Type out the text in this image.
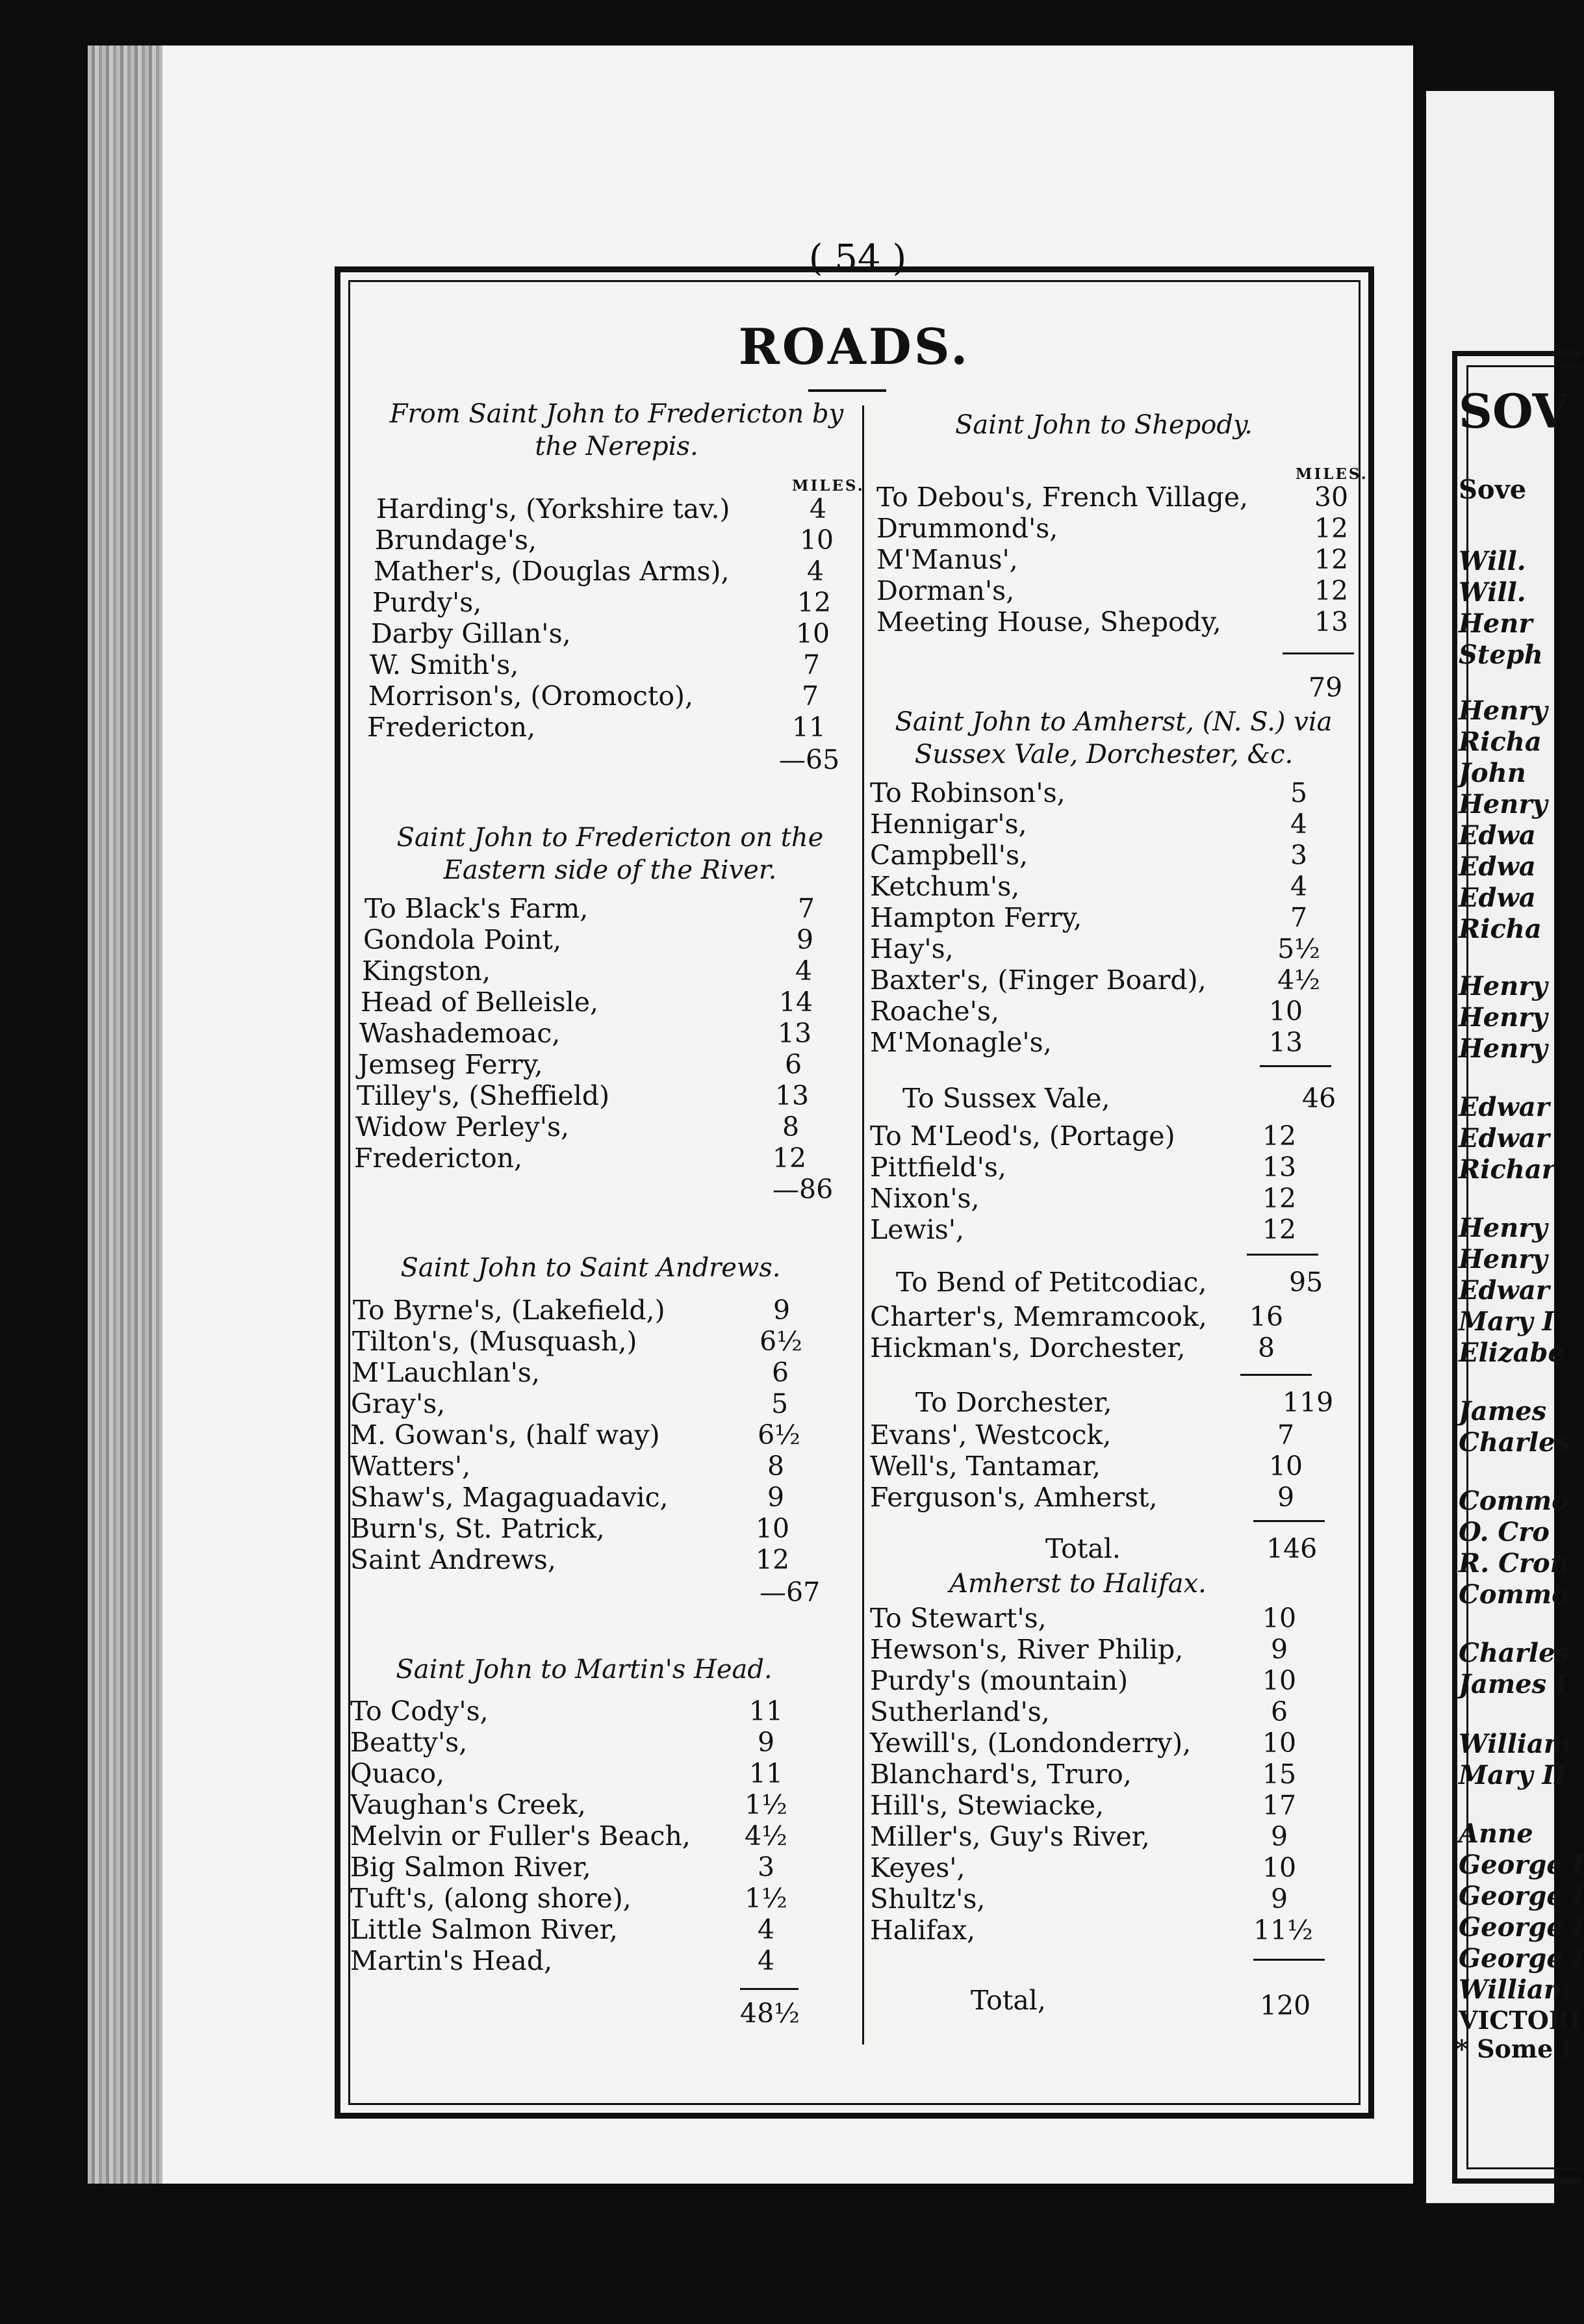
( 54 )
ROADS.
From Saint John to Fredericton by
the Nerepis.
MILES.
Harding's, (Yorkshire tav.)	4
Brundage's,	10
Mather's, (Douglas Arms),	4
Purdy's,	12
Darby Gillan's,	10
W. Smith's,	7
Morrison's, (Oromocto),	7
Fredericton,	11
—65
Saint John to Fredericton on the
Eastern side of the River.
To Black's Farm,	7
Gondola Point,	9
Kingston,	4
Head of Belleisle,	14
Washademoac,	13
Jemseg Ferry,	6
Tilley's, (Sheffield)	13
Widow Perley's,	8
Fredericton,	12
—86
Saint John to Saint Andrews.
To Byrne's, (Lakefield,)	9
Tilton's, (Musquash,)	6½
M'Lauchlan's,	6
Gray's,	5
M. Gowan's, (half way)	6½
Watters',	8
Shaw's, Magaguadavic,	9
Burn's, St. Patrick,	10
Saint Andrews,	12
—67
Saint John to Martin's Head.
To Cody's,	11
Beatty's,	9
Quaco,	11
Vaughan's Creek,	1½
Melvin or Fuller's Beach, 4½
Big Salmon River,	3
Tuft's, (along shore),	1½
Little Salmon River,	4
Martin's Head,	4
48½
Saint John to Shepody.
MILES.
To Debou's, French Village,	30
Drummond's,	12
M'Manus',	12
Dorman's,	12
Meeting House, Shepody,	13
79
Saint John to Amherst, (N. S.) via
Sussex Vale, Dorchester, &c.
To Robinson's,	5
Hennigar's,	4
Campbell's,	3
Ketchum's,	4
Hampton Ferry,	7
Hay's,	5½
Baxter's, (Finger Board),	4½
Roache's,	10
M'Monagle's,	13
To Sussex Vale,	46
To M'Leod's, (Portage)	12
Pittfield's,	13
Nixon's,	12
Lewis',	12
To Bend of Petitcodiac,	95
Charter's, Memramcook,	16
Hickman's, Dorchester,	8
To Dorchester,	119
Evans', Westcock,	7
Well's, Tantamar,	10
Ferguson's, Amherst,	9
Total.	146
Amherst to Halifax.
To Stewart's,	10
Hewson's, River Philip,	9
Purdy's (mountain)	10
Sutherland's,	6
Yewill's, (Londonderry),	10
Blanchard's, Truro,	15
Hill's, Stewiacke,	17
Miller's, Guy's River,	9
Keyes',	10
Shultz's,	9
Halifax,	11½
Total,	120
SOV
Sove
Will.
Will.
Henr
Steph
Henry
Richa
John
Henry
Edwa
Edwa
Edwa
Richa
Henry
Henry
Henry
Edwar
Edwar
Richar
Henry
Henry
Edwar
Mary I
Elizabe
James
Charles
Commo
O. Cro
R. Cron
Commo
Charles
James I
William
Mary II
Anne
George I
George I
George I
George I
William
VICTORI
* Some l
